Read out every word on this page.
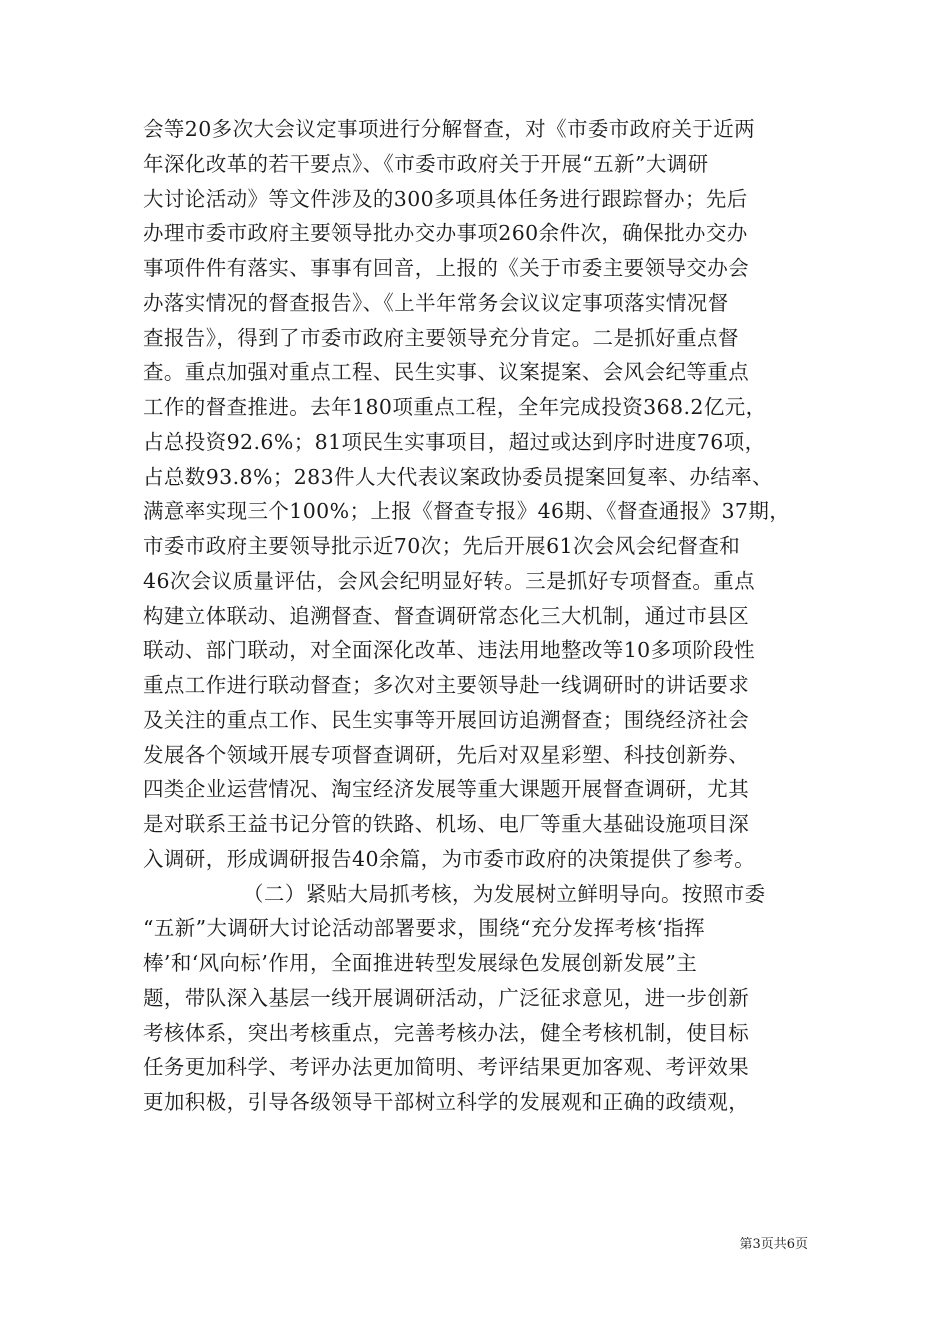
会等20多次大会议定事项进行分解督查，对《市委市政府关于近两
年深化改革的若干要点》、《市委市政府关于开展“五新”大调研
大讨论活动》等文件涉及的300多项具体任务进行跟踪督办；先后
办理市委市政府主要领导批办交办事项260余件次，确保批办交办
事项件件有落实、事事有回音，上报的《关于市委主要领导交办会
办落实情况的督查报告》、《上半年常务会议议定事项落实情况督
查报告》，得到了市委市政府主要领导充分肯定。二是抓好重点督
查。重点加强对重点工程、民生实事、议案提案、会风会纪等重点
工作的督查推进。去年180项重点工程，全年完成投资368.2亿元，
占总投资92.6%；81项民生实事项目，超过或达到序时进度76项，
占总数93.8%；283件人大代表议案政协委员提案回复率、办结率、
满意率实现三个100%；上报《督查专报》46期、《督查通报》37期，
市委市政府主要领导批示近70次；先后开展61次会风会纪督查和
46次会议质量评估，会风会纪明显好转。三是抓好专项督查。重点
构建立体联动、追溯督查、督查调研常态化三大机制，通过市县区
联动、部门联动，对全面深化改革、违法用地整改等10多项阶段性
重点工作进行联动督查；多次对主要领导赴一线调研时的讲话要求
及关注的重点工作、民生实事等开展回访追溯督查；围绕经济社会
发展各个领域开展专项督查调研，先后对双星彩塑、科技创新券、
四类企业运营情况、淘宝经济发展等重大课题开展督查调研，尤其
是对联系王益书记分管的铁路、机场、电厂等重大基础设施项目深
入调研，形成调研报告40余篇，为市委市政府的决策提供了参考。
（二）紧贴大局抓考核，为发展树立鲜明导向。按照市委
“五新”大调研大讨论活动部署要求，围绕“充分发挥考核‘指挥
棒’和‘风向标’作用，全面推进转型发展绿色发展创新发展”主
题，带队深入基层一线开展调研活动，广泛征求意见，进一步创新
考核体系，突出考核重点，完善考核办法，健全考核机制，使目标
任务更加科学、考评办法更加简明、考评结果更加客观、考评效果
更加积极，引导各级领导干部树立科学的发展观和正确的政绩观，
第3页共6页
